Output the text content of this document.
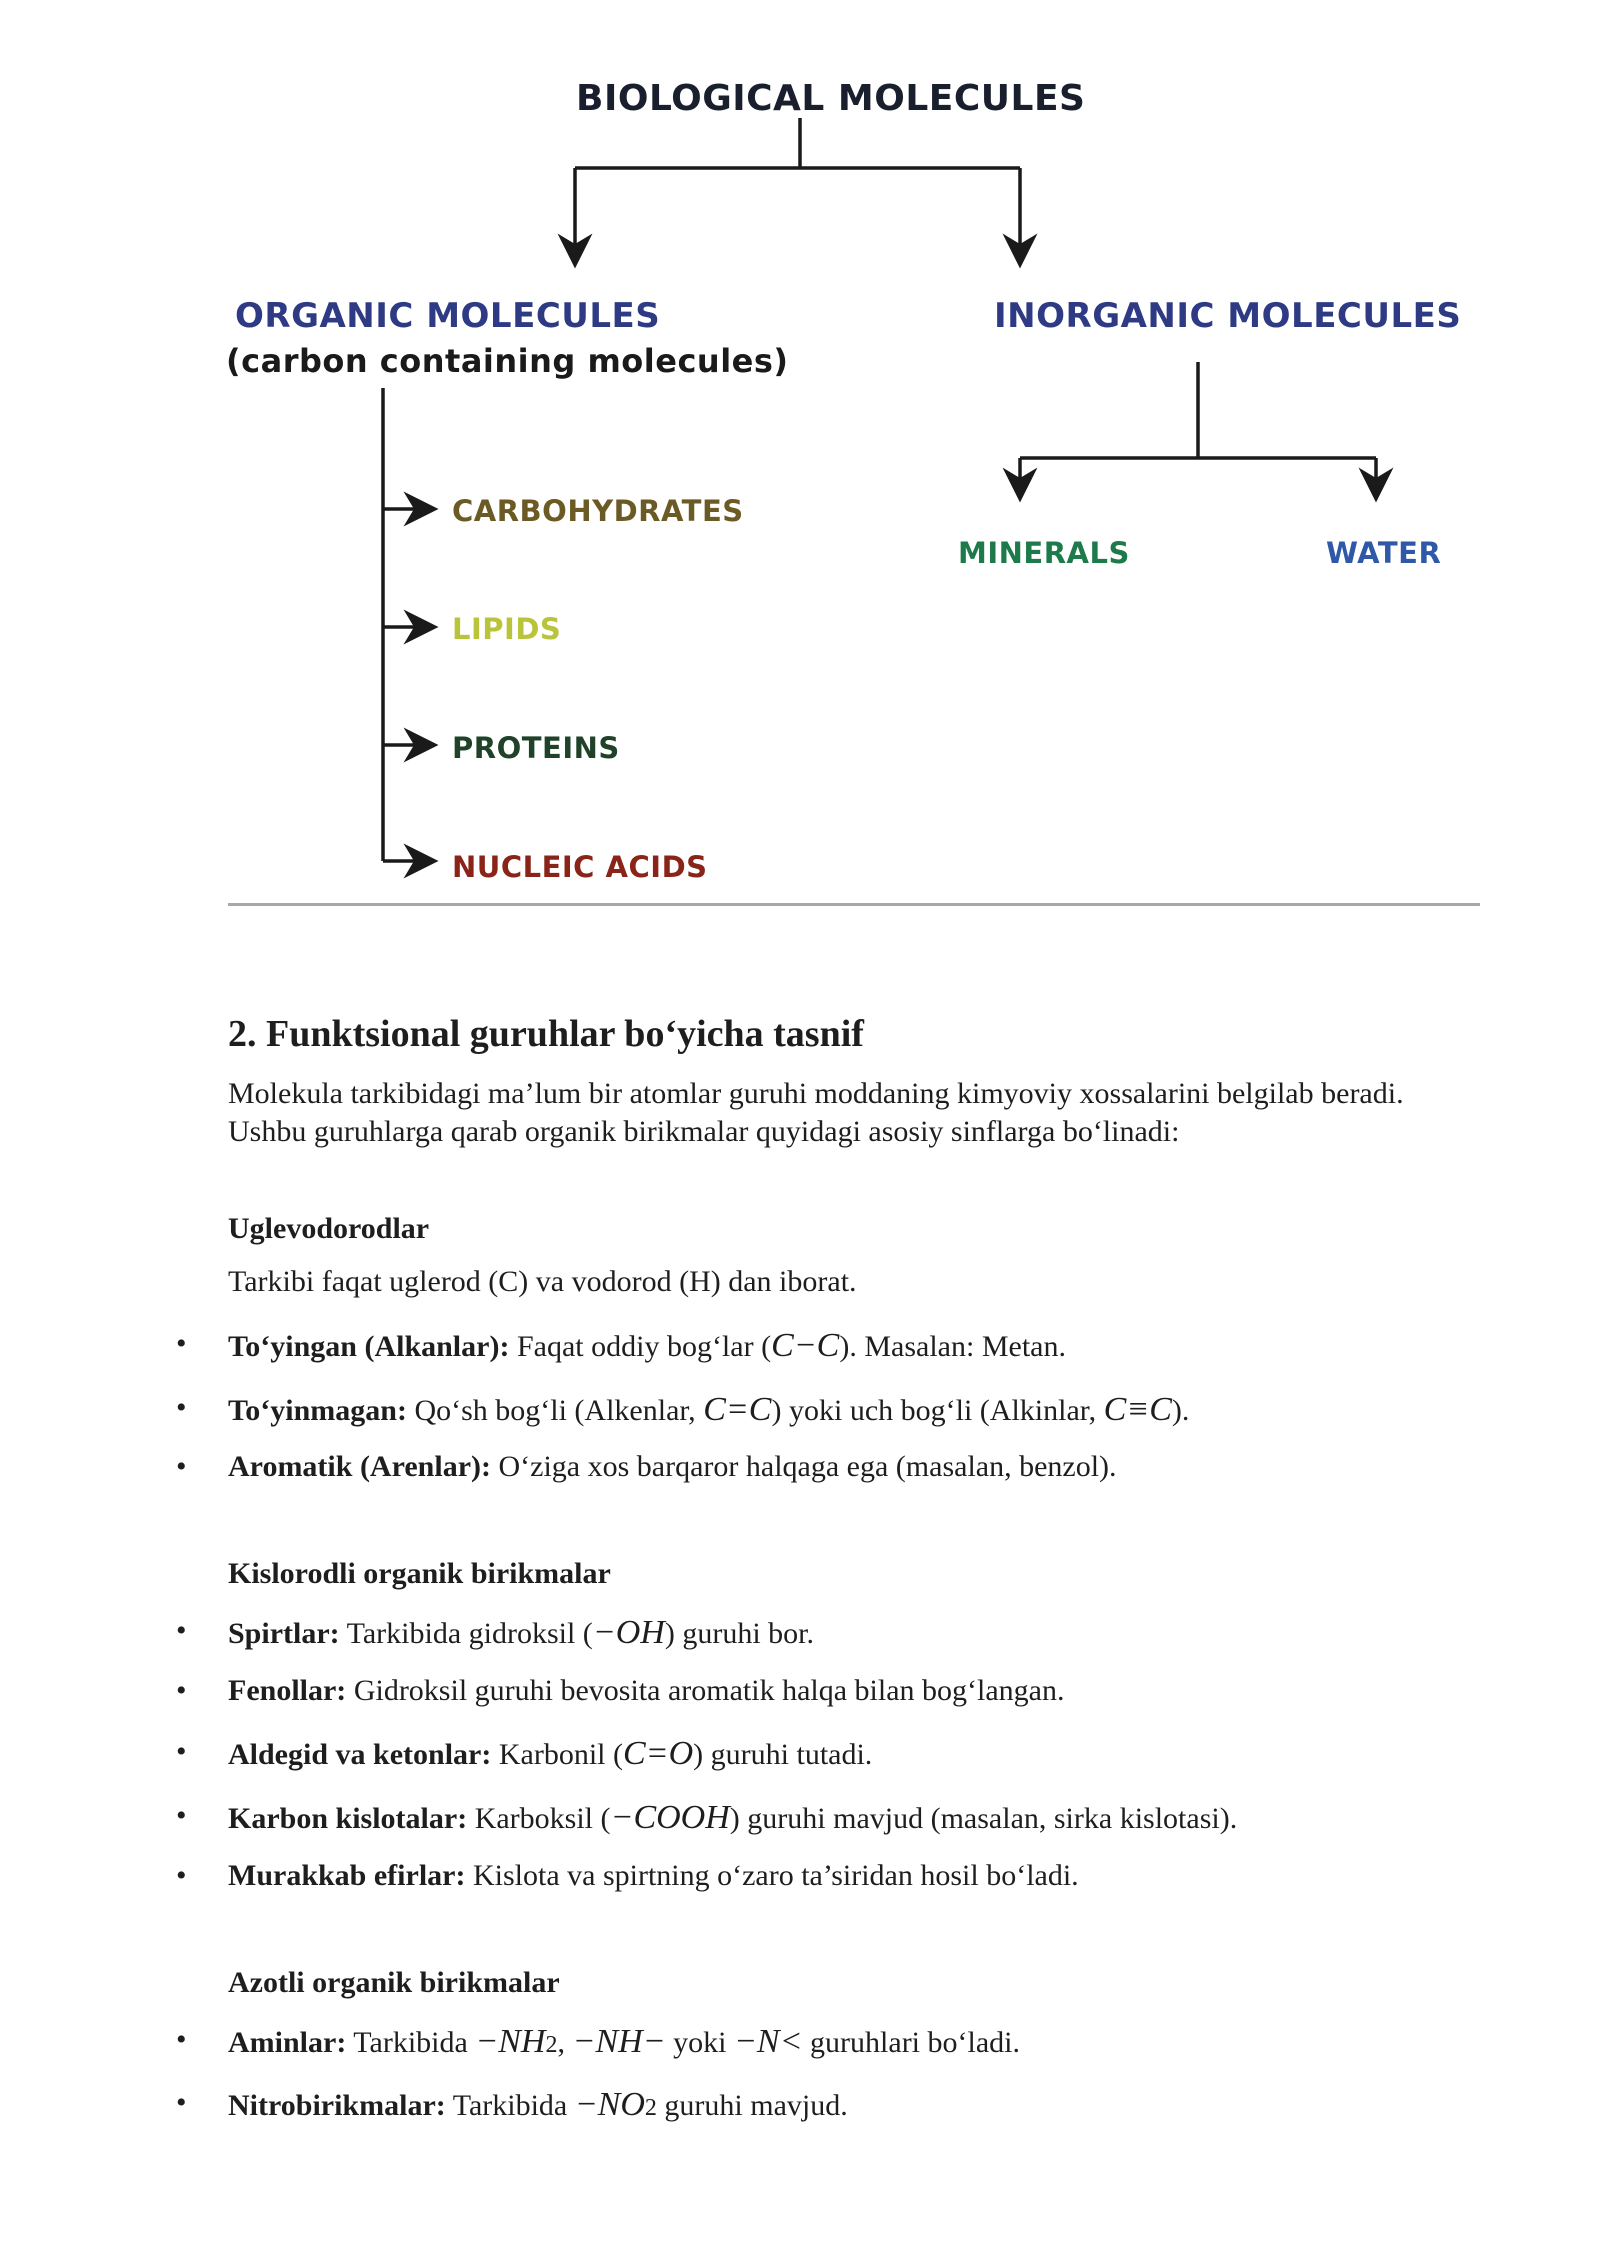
BIOLOGICAL MOLECULES
ORGANIC MOLECULES
(carbon containing molecules)
INORGANIC MOLECULES
CARBOHYDRATES
LIPIDS
PROTEINS
NUCLEIC ACIDS
MINERALS	WATER
2. Funktsional guruhlar bo‘yicha tasnif

Molekula tarkibidagi ma’lum bir atomlar guruhi moddaning kimyoviy xossalarini belgilab beradi. Ushbu guruhlarga qarab organik birikmalar quyidagi asosiy sinflarga bo‘linadi:

Uglevodorodlar

Tarkibi faqat uglerod (C) va vodorod (H) dan iborat.

• To‘yingan (Alkanlar): Faqat oddiy bog‘lar (C−C). Masalan: Metan.
• To‘yinmagan: Qo‘sh bog‘li (Alkenlar, C=C) yoki uch bog‘li (Alkinlar, C≡C).
• Aromatik (Arenlar): O‘ziga xos barqaror halqaga ega (masalan, benzol).

Kislorodli organik birikmalar

• Spirtlar: Tarkibida gidroksil (−OH) guruhi bor.
• Fenollar: Gidroksil guruhi bevosita aromatik halqa bilan bog‘langan.
• Aldegid va ketonlar: Karbonil (C=O) guruhi tutadi.
• Karbon kislotalar: Karboksil (−COOH) guruhi mavjud (masalan, sirka kislotasi).
• Murakkab efirlar: Kislota va spirtning o‘zaro ta’siridan hosil bo‘ladi.

Azotli organik birikmalar

• Aminlar: Tarkibida −NH2, −NH− yoki −N< guruhlari bo‘ladi.
• Nitrobirikmalar: Tarkibida −NO2 guruhi mavjud.
